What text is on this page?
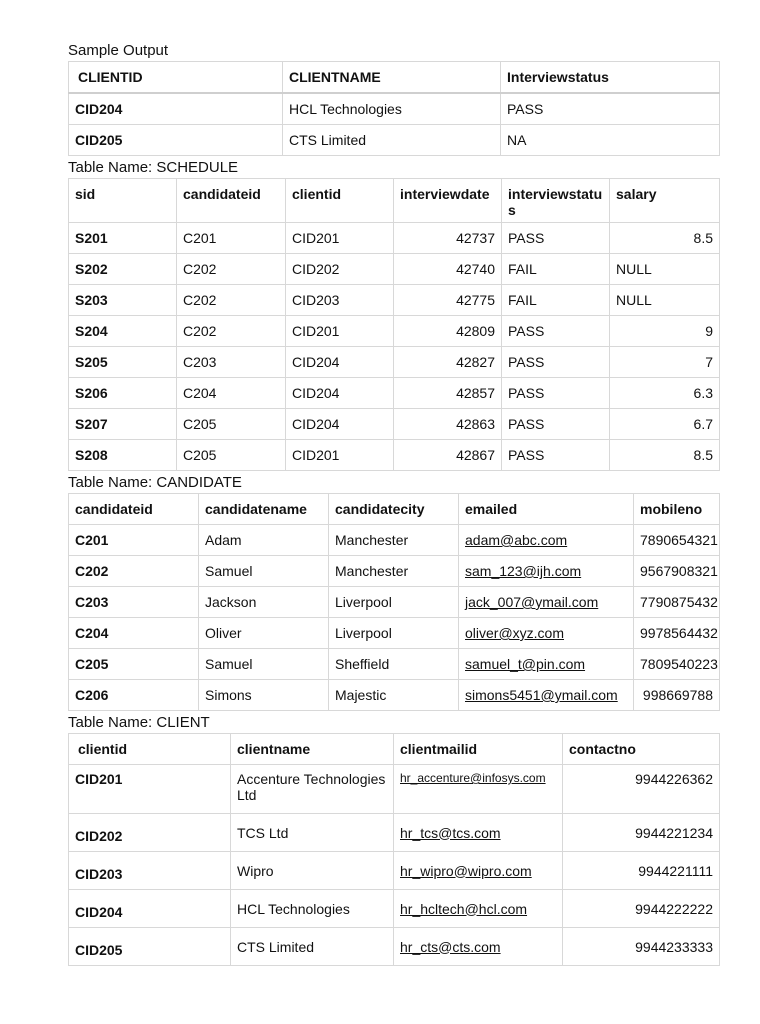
Sample Output

CLIENTID	CLIENTNAME	Interviewstatus
CID204	HCL Technologies	PASS
CID205	CTS Limited	NA

Table Name: SCHEDULE

sid	candidateid	clientid	interviewdate	interviewstatus	salary
S201	C201	CID201	42737	PASS	8.5
S202	C202	CID202	42740	FAIL	NULL
S203	C202	CID203	42775	FAIL	NULL
S204	C202	CID201	42809	PASS	9
S205	C203	CID204	42827	PASS	7
S206	C204	CID204	42857	PASS	6.3
S207	C205	CID204	42863	PASS	6.7
S208	C205	CID201	42867	PASS	8.5

Table Name: CANDIDATE

candidateid	candidatename	candidatecity	emailed	mobileno
C201	Adam	Manchester	adam@abc.com	7890654321
C202	Samuel	Manchester	sam_123@ijh.com	9567908321
C203	Jackson	Liverpool	jack_007@ymail.com	7790875432
C204	Oliver	Liverpool	oliver@xyz.com	9978564432
C205	Samuel	Sheffield	samuel_t@pin.com	7809540223
C206	Simons	Majestic	simons5451@ymail.com	998669788

Table Name: CLIENT

clientid	clientname	clientmailid	contactno
CID201	Accenture Technologies Ltd	hr_accenture@infosys.com	9944226362
CID202	TCS Ltd	hr_tcs@tcs.com	9944221234
CID203	Wipro	hr_wipro@wipro.com	9944221111
CID204	HCL Technologies	hr_hcltech@hcl.com	9944222222
CID205	CTS Limited	hr_cts@cts.com	9944233333
